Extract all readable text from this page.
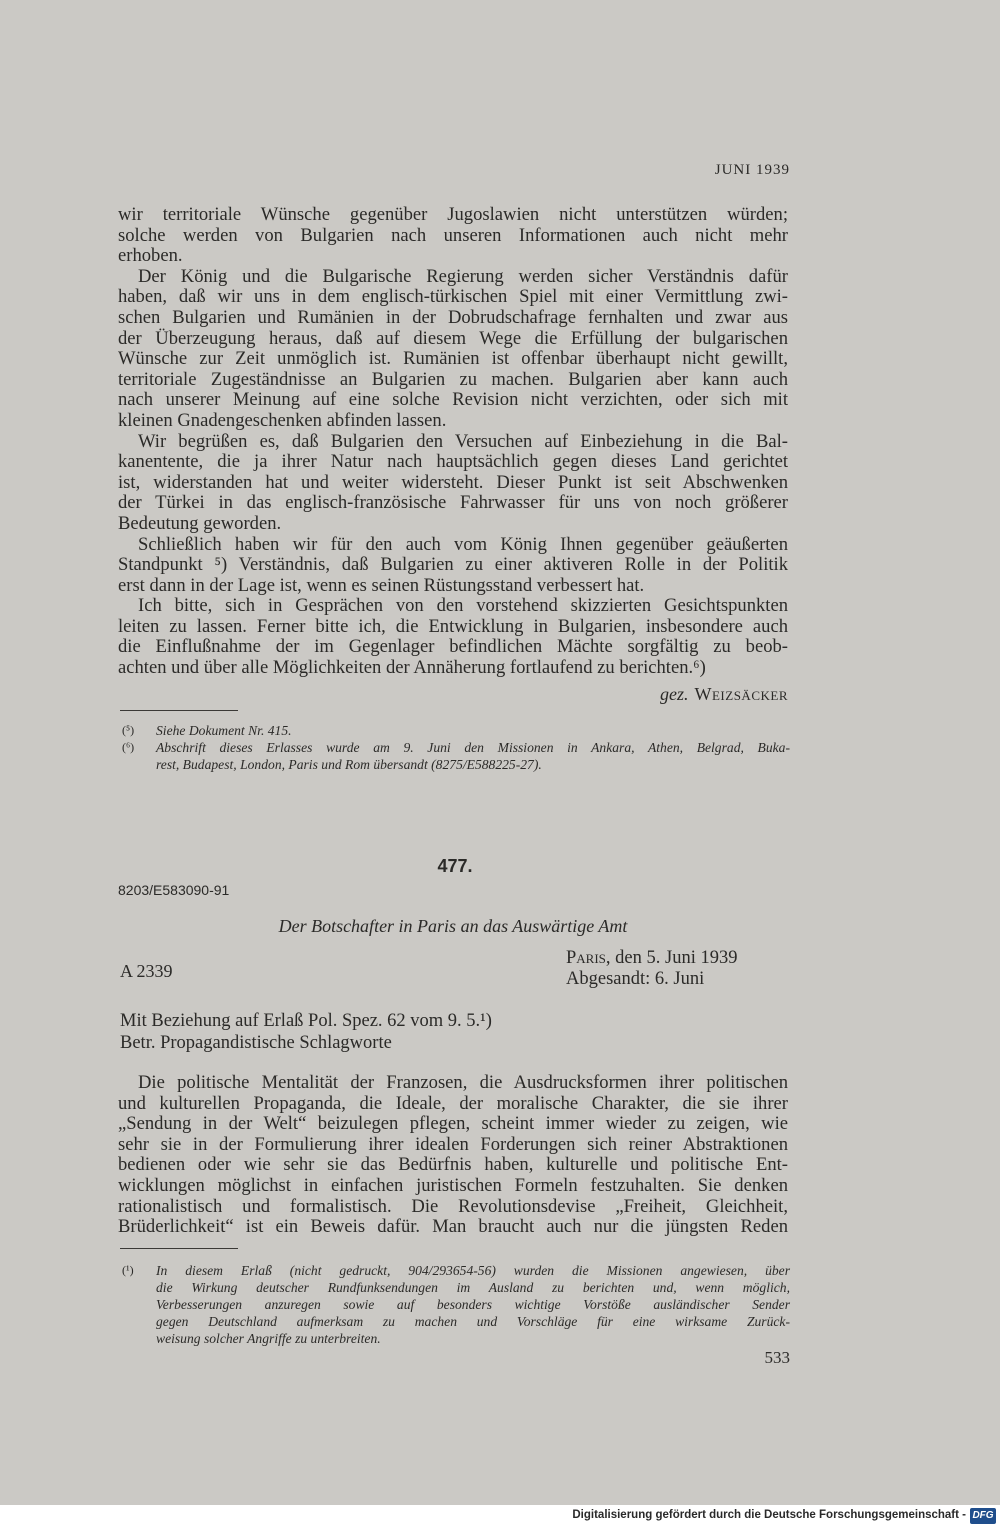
JUNI 1939
wir territoriale Wünsche gegenüber Jugoslawien nicht unterstützen würden;
solche werden von Bulgarien nach unseren Informationen auch nicht mehr
erhoben.
Der König und die Bulgarische Regierung werden sicher Verständnis dafür
haben, daß wir uns in dem englisch-türkischen Spiel mit einer Vermittlung zwi-
schen Bulgarien und Rumänien in der Dobrudschafrage fernhalten und zwar aus
der Überzeugung heraus, daß auf diesem Wege die Erfüllung der bulgarischen
Wünsche zur Zeit unmöglich ist. Rumänien ist offenbar überhaupt nicht gewillt,
territoriale Zugeständnisse an Bulgarien zu machen. Bulgarien aber kann auch
nach unserer Meinung auf eine solche Revision nicht verzichten, oder sich mit
kleinen Gnadengeschenken abfinden lassen.
Wir begrüßen es, daß Bulgarien den Versuchen auf Einbeziehung in die Bal-
kanentente, die ja ihrer Natur nach hauptsächlich gegen dieses Land gerichtet
ist, widerstanden hat und weiter widersteht. Dieser Punkt ist seit Abschwenken
der Türkei in das englisch-französische Fahrwasser für uns von noch größerer
Bedeutung geworden.
Schließlich haben wir für den auch vom König Ihnen gegenüber geäußerten
Standpunkt ⁵) Verständnis, daß Bulgarien zu einer aktiveren Rolle in der Politik
erst dann in der Lage ist, wenn es seinen Rüstungsstand verbessert hat.
Ich bitte, sich in Gesprächen von den vorstehend skizzierten Gesichtspunkten
leiten zu lassen. Ferner bitte ich, die Entwicklung in Bulgarien, insbesondere auch
die Einflußnahme der im Gegenlager befindlichen Mächte sorgfältig zu beob-
achten und über alle Möglichkeiten der Annäherung fortlaufend zu berichten.⁶)
gez. Weizsäcker
(⁵) Siehe Dokument Nr. 415.
(⁶) Abschrift dieses Erlasses wurde am 9. Juni den Missionen in Ankara, Athen, Belgrad, Buka-
rest, Budapest, London, Paris und Rom übersandt (8275/E588225-27).
477.
8203/E583090-91
Der Botschafter in Paris an das Auswärtige Amt
A 2339
Paris, den 5. Juni 1939
Abgesandt: 6. Juni
Mit Beziehung auf Erlaß Pol. Spez. 62 vom 9. 5.¹)
Betr. Propagandistische Schlagworte
Die politische Mentalität der Franzosen, die Ausdrucksformen ihrer politischen
und kulturellen Propaganda, die Ideale, der moralische Charakter, die sie ihrer
„Sendung in der Welt“ beizulegen pflegen, scheint immer wieder zu zeigen, wie
sehr sie in der Formulierung ihrer idealen Forderungen sich reiner Abstraktionen
bedienen oder wie sehr sie das Bedürfnis haben, kulturelle und politische Ent-
wicklungen möglichst in einfachen juristischen Formeln festzuhalten. Sie denken
rationalistisch und formalistisch. Die Revolutionsdevise „Freiheit, Gleichheit,
Brüderlichkeit“ ist ein Beweis dafür. Man braucht auch nur die jüngsten Reden
(¹) In diesem Erlaß (nicht gedruckt, 904/293654-56) wurden die Missionen angewiesen, über
die Wirkung deutscher Rundfunksendungen im Ausland zu berichten und, wenn möglich,
Verbesserungen anzuregen sowie auf besonders wichtige Vorstöße ausländischer Sender
gegen Deutschland aufmerksam zu machen und Vorschläge für eine wirksame Zurück-
weisung solcher Angriffe zu unterbreiten.
533
Digitalisierung gefördert durch die Deutsche Forschungsgemeinschaft - DFG
